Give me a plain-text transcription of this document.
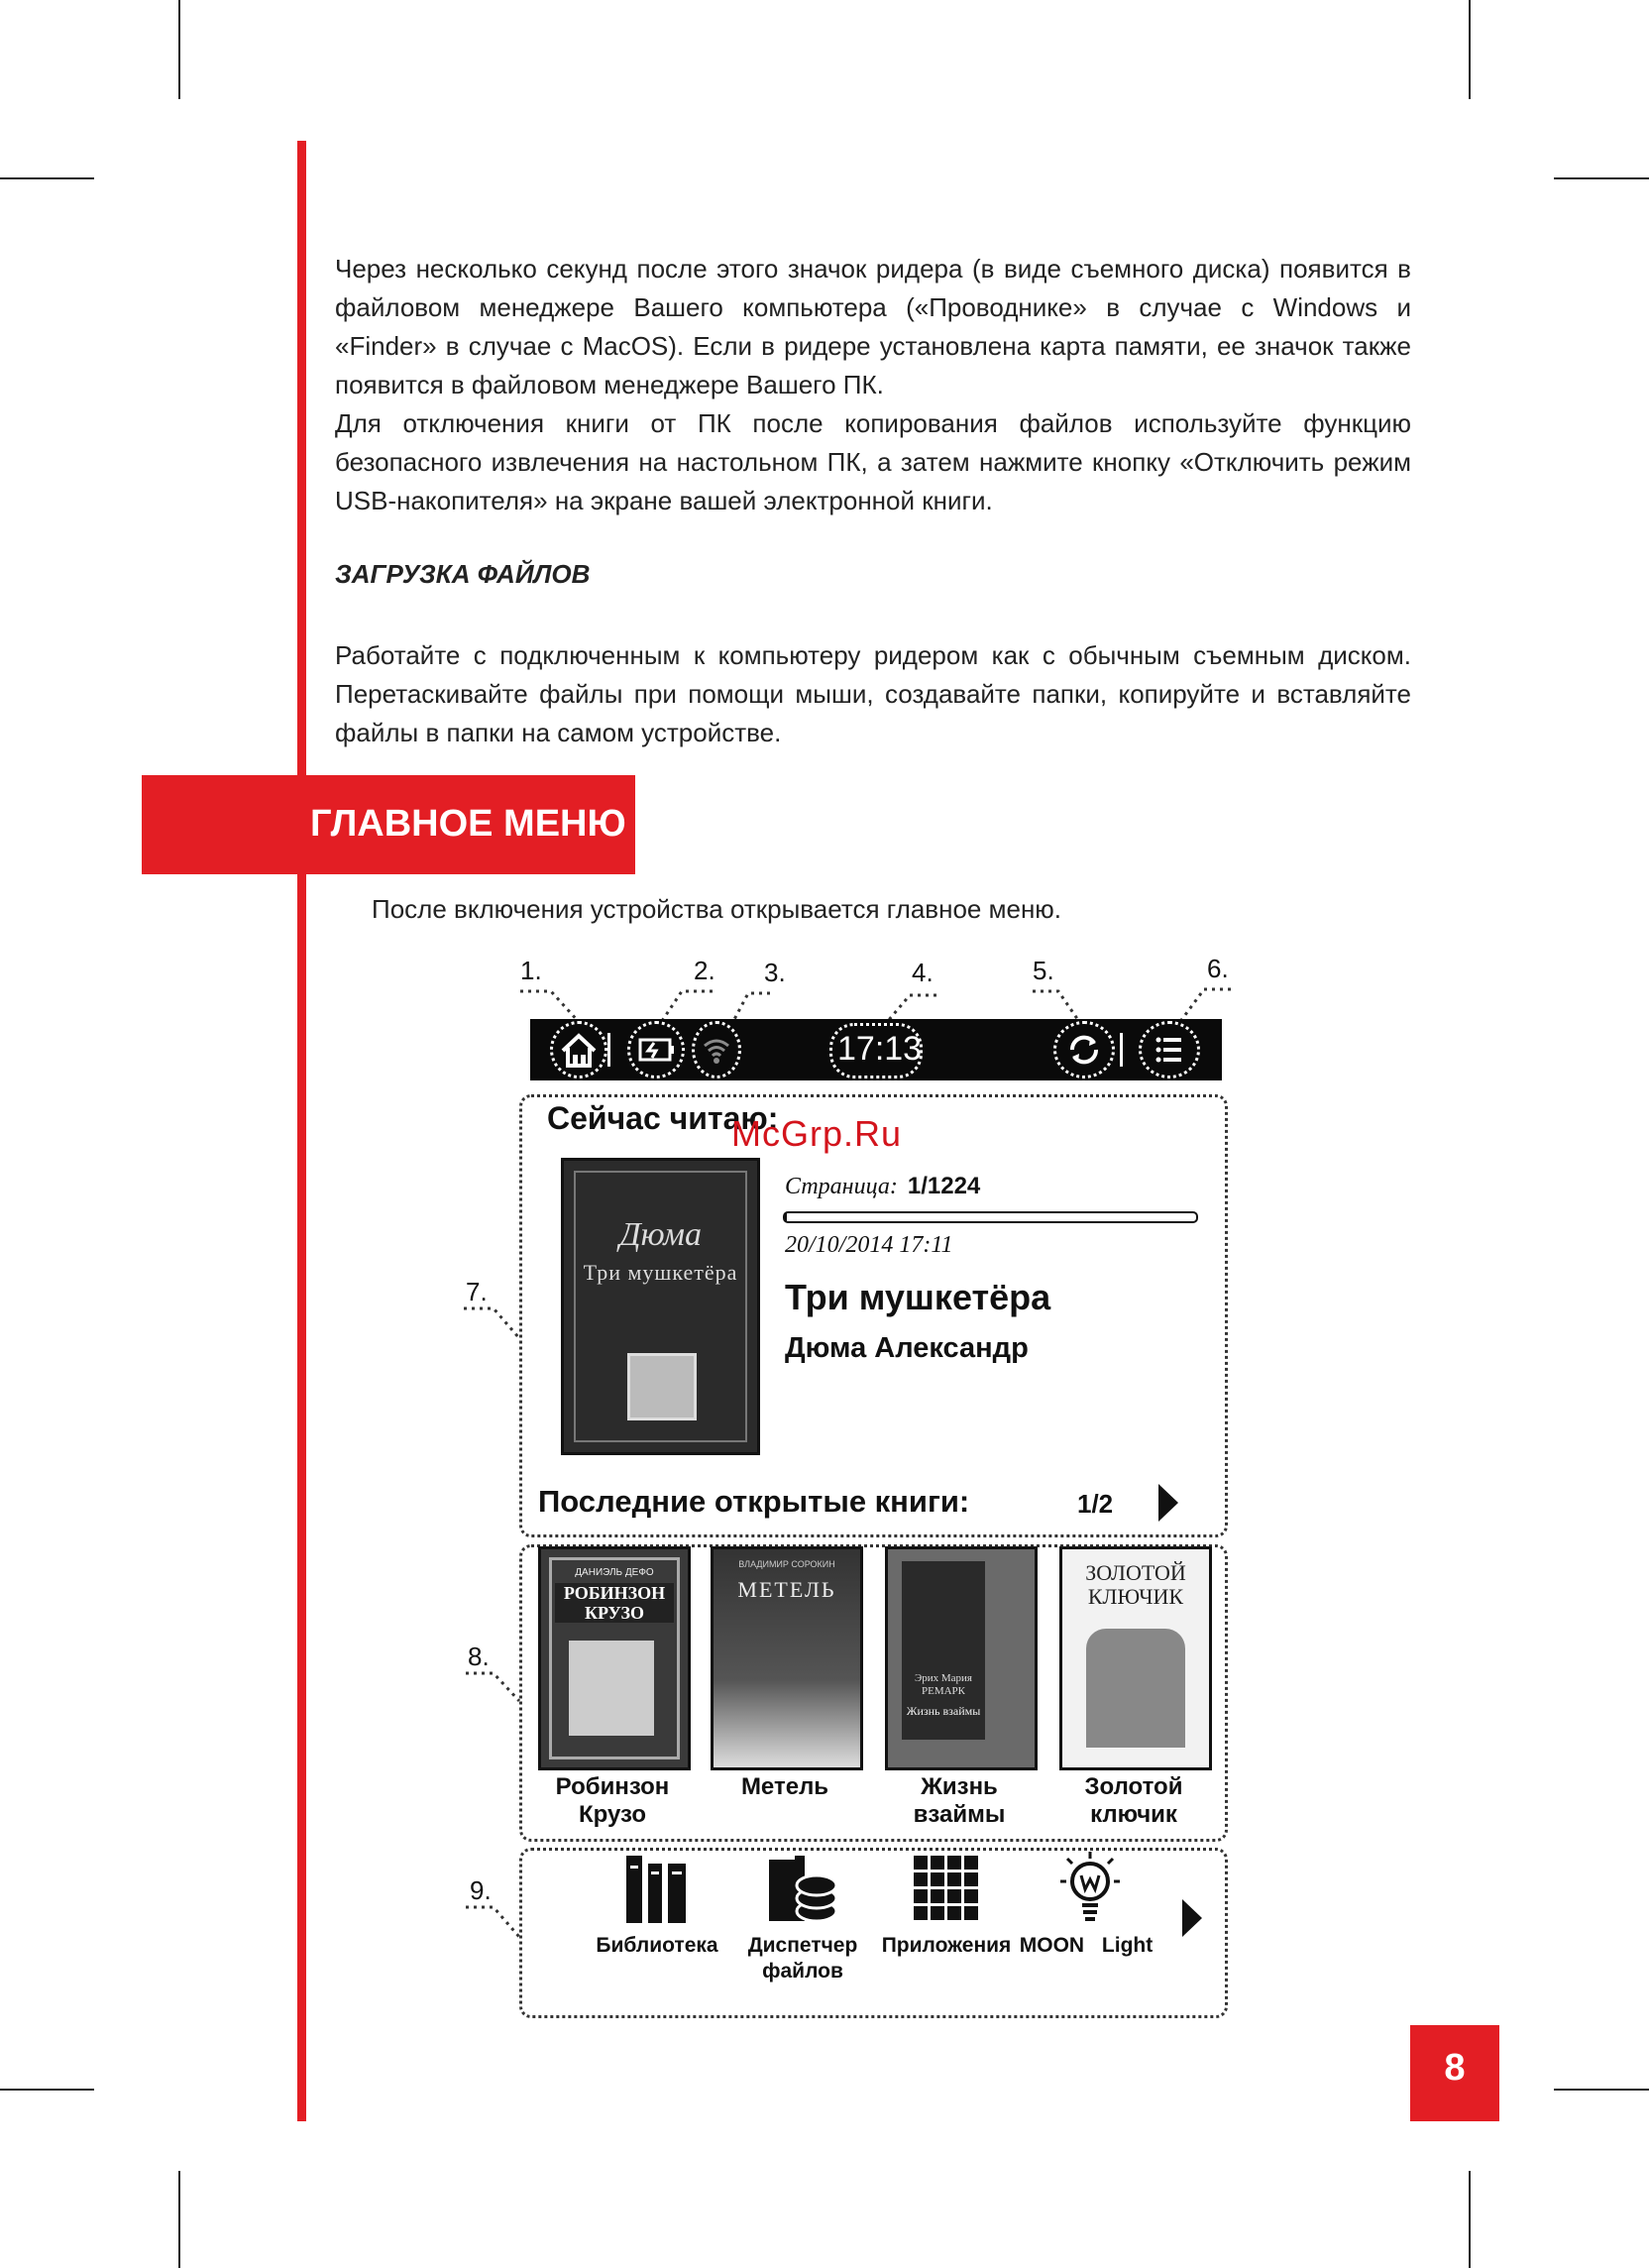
Через несколько секунд после этого значок ридера (в виде съемного диска) появится в файловом менеджере Вашего компьютера («Проводнике» в случае с Windows и «Finder» в случае с MacOS). Если в ридере установлена карта памяти, ее значок также появится в файловом менеджере Вашего ПК.

Для отключения книги от ПК после копирования файлов используйте функцию безопасного извлечения на настольном ПК, а затем нажмите кнопку «Отключить режим USB-накопителя» на экране вашей электронной книги.

ЗАГРУЗКА ФАЙЛОВ

Работайте с подключенным к компьютеру ридером как с обычным съемным диском. Перетаскивайте файлы при помощи мыши, создавайте папки, копируйте и вставляйте файлы в папки на самом устройстве.

ГЛАВНОЕ МЕНЮ

После включения устройства открывается главное меню.

1.	2. 3.	4.	5.	6.
7.
8.
9.
17:13
Сейчас читаю:
McGrp.Ru
Дюма
Три мушкетёра
Страница: 1/1224
20/10/2014 17:11
Три мушкетёра
Дюма Александр
Последние открытые книги:	1/2
ДАНИЭЛЬ ДЕФО
РОБИНЗОН КРУЗО
ВЛАДИМИР СОРОКИН
МЕТЕЛЬ
Эрих Мария РЕМАРК
Жизнь взаймы
ЗОЛОТОЙ КЛЮЧИК
Робинзон Крузо
Метель	Жизнь взаймы
Золотой ключик
Библиотека	Диспетчер файлов
Приложения MOON Light
8
